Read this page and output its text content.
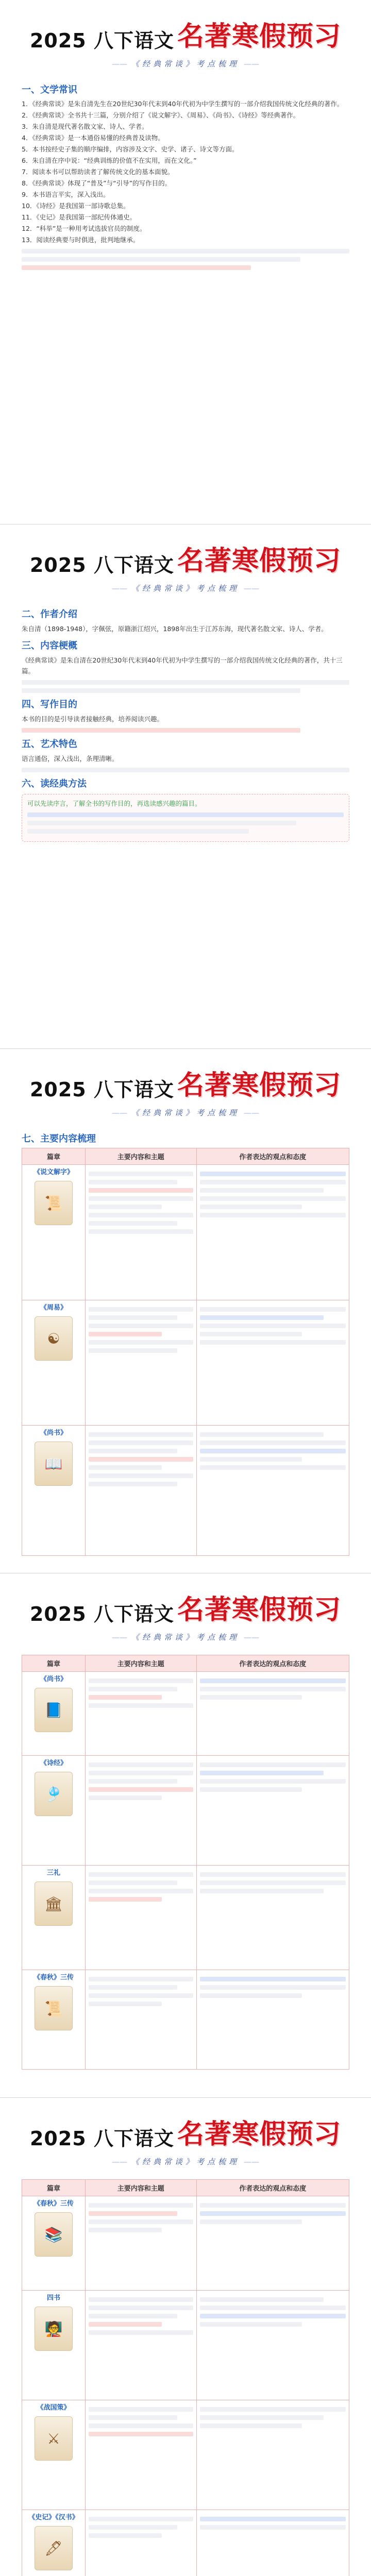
2025 八下语文 名著寒假预习
—— 《经典常谈》考点梳理 ——
一、文学常识
1．《经典常谈》是朱自清先生在20世纪30年代末到40年代初为中学生撰写的一部介绍我国传统文化经典的著作。
2．《经典常谈》全书共十三篇，分别介绍了《说文解字》、《周易》、《尚书》、《诗经》等经典著作。
3．朱自清是现代著名散文家、诗人、学者。
4．《经典常谈》是一本通俗易懂的经典普及读物。
5．本书按经史子集的顺序编排，内容涉及文字、史学、诸子、诗文等方面。
6．朱自清在序中说：“经典训练的价值不在实用，而在文化。”
7．阅读本书可以帮助读者了解传统文化的基本面貌。
8．《经典常谈》体现了“普及”与“引导”的写作目的。
9．本书语言平实，深入浅出。
10．《诗经》是我国第一部诗歌总集。
11．《史记》是我国第一部纪传体通史。
12．“科举”是一种用考试选拔官员的制度。
13．阅读经典要与时俱进，批判地继承。
2025 八下语文 名著寒假预习
—— 《经典常谈》考点梳理 ——
二、作者介绍
朱自清（1898-1948），字佩弦，原籍浙江绍兴，1898年出生于江苏东海，现代著名散文家、诗人、学者。
三、内容梗概
《经典常谈》是朱自清在20世纪30年代末到40年代初为中学生撰写的一部介绍我国传统文化经典的著作，共十三篇。
四、写作目的
本书的目的是引导读者接触经典，培养阅读兴趣。
五、艺术特色
语言通俗，深入浅出，条理清晰。
六、读经典方法
可以先读序言，了解全书的写作目的，再选读感兴趣的篇目。
2025 八下语文 名著寒假预习
—— 《经典常谈》考点梳理 ——
七、主要内容梳理
篇章	主要内容和主题	作者表达的观点和态度

《说文解字》
📜		

《周易》
☯		

《尚书》
📖		

2025 八下语文 名著寒假预习
—— 《经典常谈》考点梳理 ——
篇章	主要内容和主题	作者表达的观点和态度

《尚书》
📘		

《诗经》
🎐		

三礼
🏛		

《春秋》三传
📜		

2025 八下语文 名著寒假预习
—— 《经典常谈》考点梳理 ——
篇章	主要内容和主题	作者表达的观点和态度

《春秋》三传
📚		

四书
🧑‍🏫		

《战国策》
⚔		

《史记》《汉书》
🖋		
